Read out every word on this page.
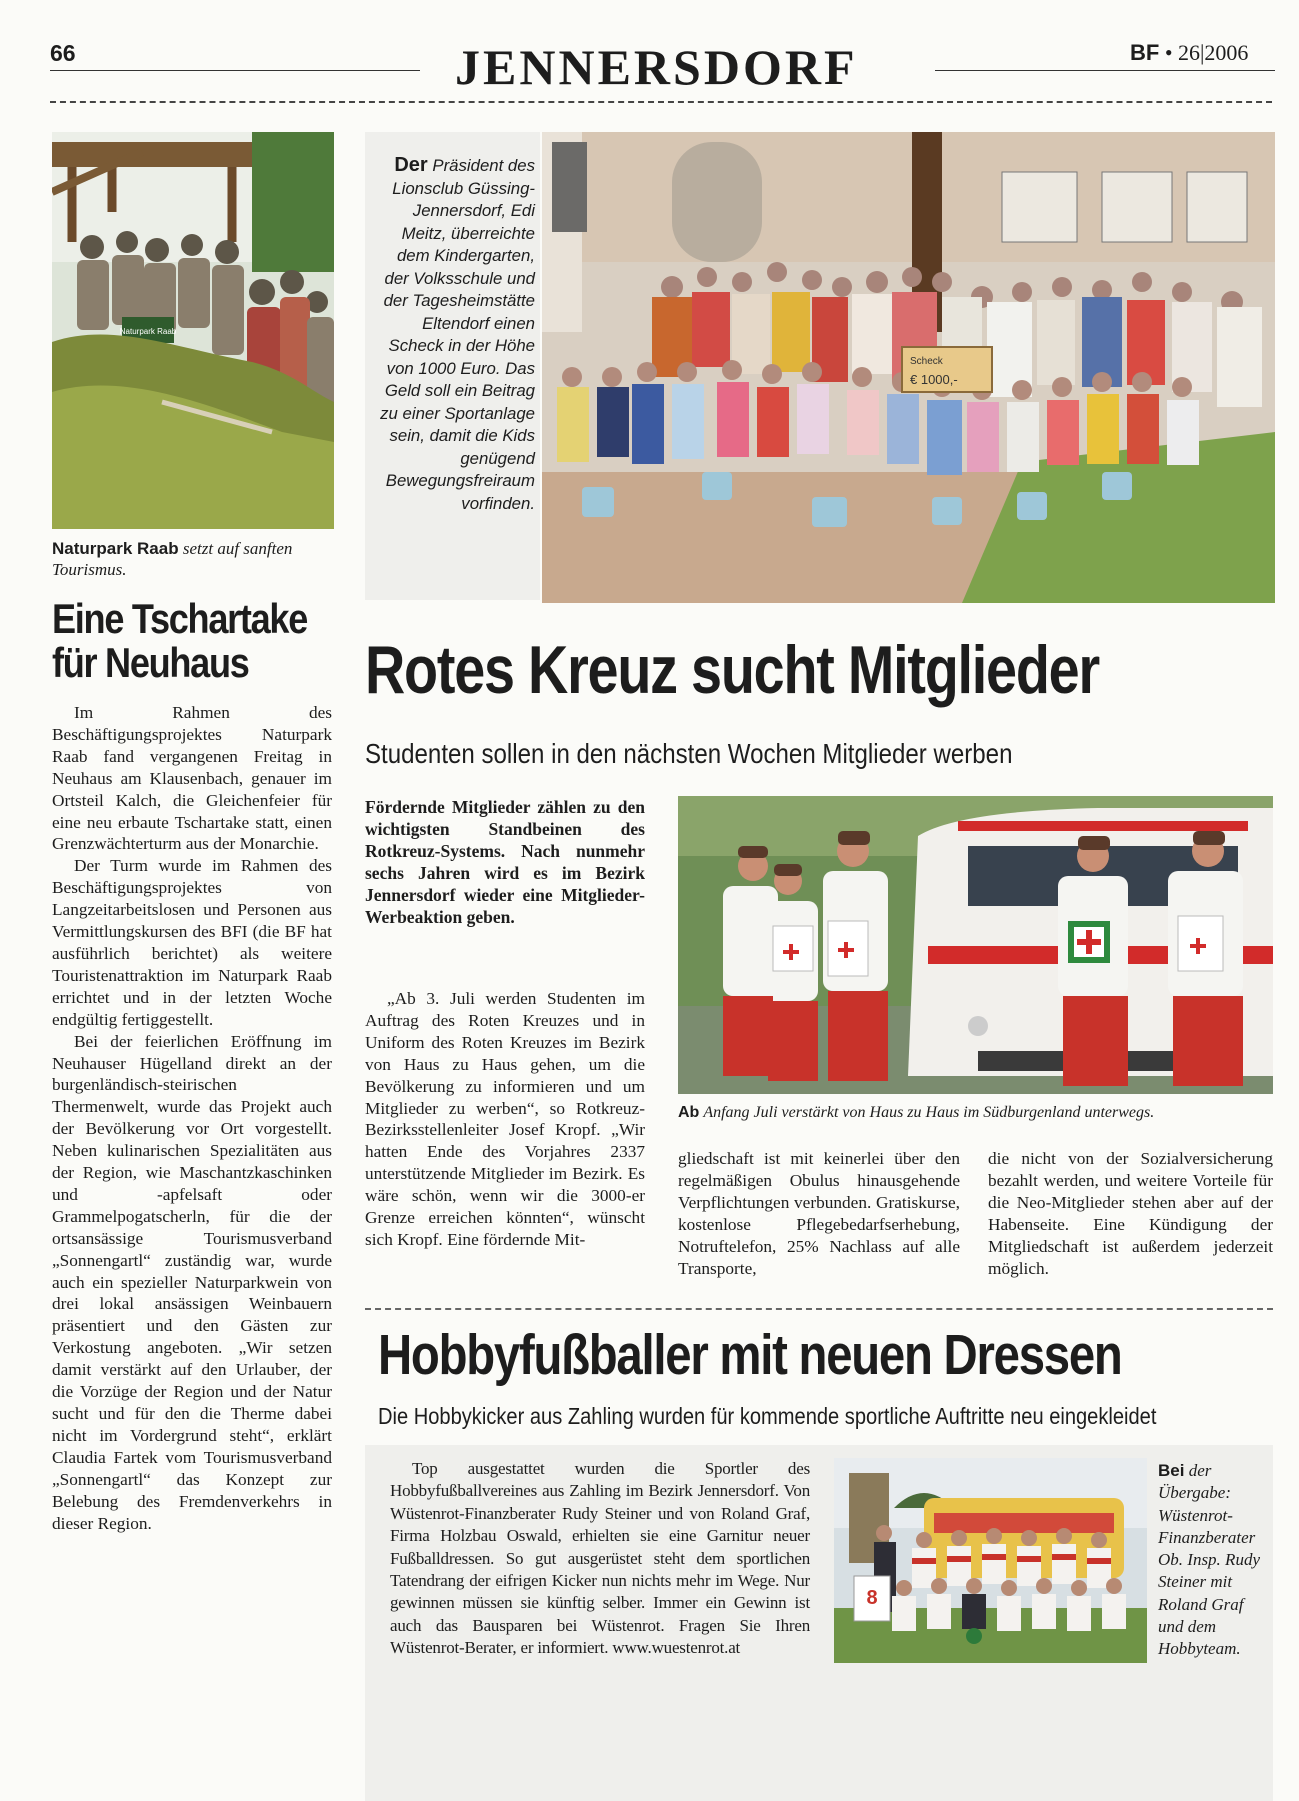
66	JENNERSDORF	BF • 26|2006
Naturpark Raab
Naturpark Raab setzt auf sanften Tourismus.
Der Präsident des Lionsclub Güssing-Jennersdorf, Edi Meitz, überreichte dem Kindergarten, der Volksschule und der Tagesheimstätte Eltendorf einen Scheck in der Höhe von 1000 Euro. Das Geld soll ein Beitrag zu einer Sportanlage sein, damit die Kids genügend Bewegungsfreiraum vorfinden.
Scheck
€ 1000,-
Eine Tschartake
für Neuhaus

Im Rahmen des Beschäftigungsprojektes Naturpark Raab fand vergangenen Freitag in Neuhaus am Klausenbach, genauer im Ortsteil Kalch, die Gleichenfeier für eine neu erbaute Tschartake statt, einen Grenzwächterturm aus der Monarchie.

Der Turm wurde im Rahmen des Beschäftigungsprojektes von Langzeitarbeitslosen und Personen aus Vermittlungskursen des BFI (die BF hat ausführlich berichtet) als weitere Touristenattraktion im Naturpark Raab errichtet und in der letzten Woche endgültig fertiggestellt.

Bei der feierlichen Eröffnung im Neuhauser Hügelland direkt an der burgenländisch-steirischen Thermenwelt, wurde das Projekt auch der Bevölkerung vor Ort vorgestellt. Neben kulinarischen Spezialitäten aus der Region, wie Maschantzkaschinken und -apfelsaft oder Grammelpogatscherln, für die der ortsansässige Tourismusverband „Sonnengartl“ zuständig war, wurde auch ein spezieller Naturparkwein von drei lokal ansässigen Weinbauern präsentiert und den Gästen zur Verkostung angeboten. „Wir setzen damit verstärkt auf den Urlauber, der die Vorzüge der Region und der Natur sucht und für den die Therme dabei nicht im Vordergrund steht“, erklärt Claudia Fartek vom Tourismusverband „Sonnengartl“ das Konzept zur Belebung des Fremdenverkehrs in dieser Region.

Rotes Kreuz sucht Mitglieder
Studenten sollen in den nächsten Wochen Mitglieder werben
Fördernde Mitglieder zählen zu den wichtigsten Standbeinen des Rotkreuz-Systems. Nach nunmehr sechs Jahren wird es im Bezirk Jennersdorf wieder eine Mitglieder-Werbeaktion geben.
Ab Anfang Juli verstärkt von Haus zu Haus im Südburgenland unterwegs.

„Ab 3. Juli werden Studenten im Auftrag des Roten Kreuzes und in Uniform des Roten Kreuzes im Bezirk von Haus zu Haus gehen, um die Bevölkerung zu informieren und um Mitglieder zu werben“, so Rotkreuz-Bezirksstellenleiter Josef Kropf. „Wir hatten Ende des Vorjahres 2337 unterstützende Mitglieder im Bezirk. Es wäre schön, wenn wir die 3000-er Grenze erreichen könnten“, wünscht sich Kropf. Eine fördernde Mit-

gliedschaft ist mit keinerlei über den regelmäßigen Obulus hinausgehende Verpflichtungen verbunden. Gratiskurse, kostenlose Pflegebedarfserhebung, Notruftelefon, 25% Nachlass auf alle Transporte,

die nicht von der Sozialversicherung bezahlt werden, und weitere Vorteile für die Neo-Mitglieder stehen aber auf der Habenseite. Eine Kündigung der Mitgliedschaft ist außerdem jederzeit möglich.

Hobbyfußballer mit neuen Dressen
Die Hobbykicker aus Zahling wurden für kommende sportliche Auftritte neu eingekleidet

Top ausgestattet wurden die Sportler des Hobbyfußballvereines aus Zahling im Bezirk Jennersdorf. Von Wüstenrot-Finanzberater Rudy Steiner und von Roland Graf, Firma Holzbau Oswald, erhielten sie eine Garnitur neuer Fußballdressen. So gut ausgerüstet steht dem sportlichen Tatendrang der eifrigen Kicker nun nichts mehr im Wege. Nur gewinnen müssen sie künftig selber. Immer ein Gewinn ist auch das Bausparen bei Wüstenrot. Fragen Sie Ihren Wüstenrot-Berater, er informiert. www.wuestenrot.at

8
Bei der Übergabe: Wüstenrot-Finanzberater Ob. Insp. Rudy Steiner mit Roland Graf und dem Hobbyteam.
